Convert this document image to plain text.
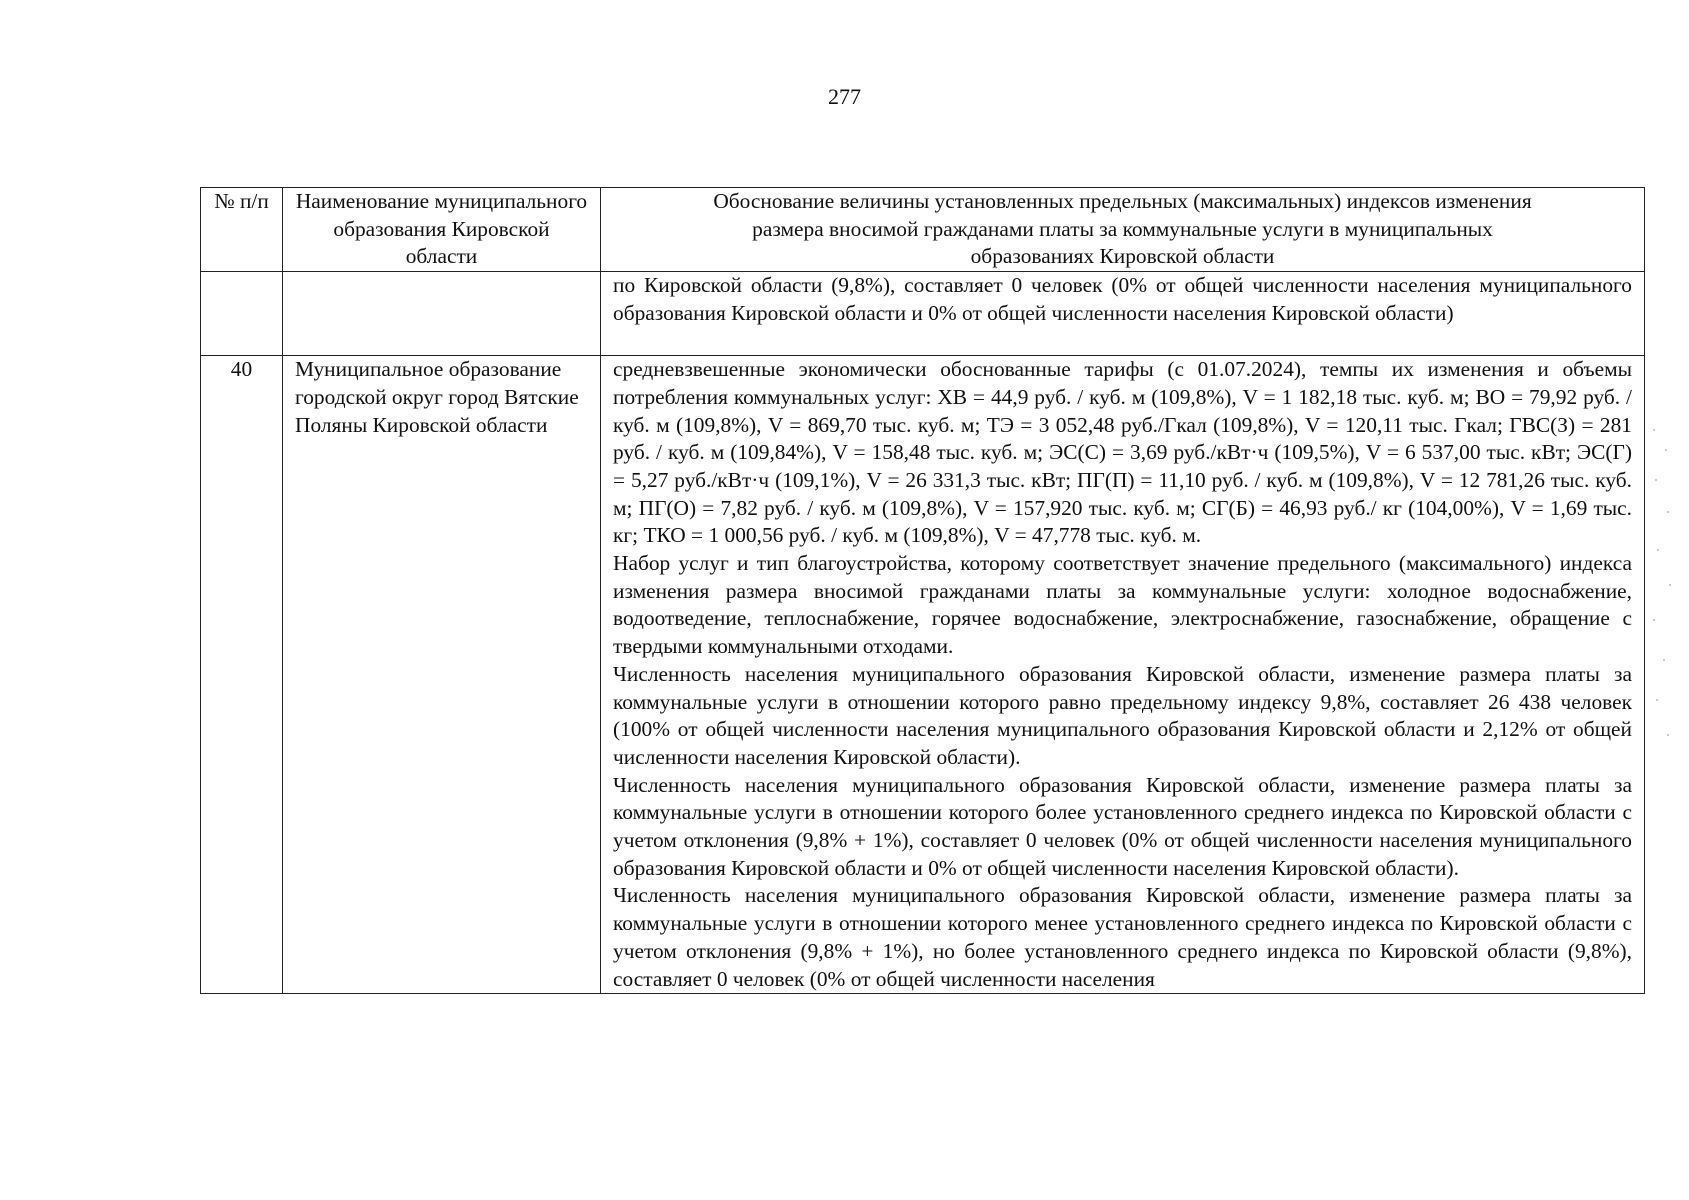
277
№ п/п	Наименование муниципального образования Кировской области	Обоснование величины установленных предельных (максимальных) индексов изменения размера вносимой гражданами платы за коммунальные услуги в муниципальных образованиях Кировской области

		по Кировской области (9,8%), составляет 0 человек (0% от общей численности населения муниципального образования Кировской области и 0% от общей численности населения Кировской области)
40	Муниципальное образование городской округ город Вятские Поляны Кировской области	средневзвешенные экономически обоснованные тарифы (с 01.07.2024), темпы их изменения и объемы потребления коммунальных услуг: ХВ = 44,9 руб. / куб. м (109,8%), V = 1 182,18 тыс. куб. м; ВО = 79,92 руб. / куб. м (109,8%), V = 869,70 тыс. куб. м; ТЭ = 3 052,48 руб./Гкал (109,8%), V = 120,11 тыс. Гкал; ГВС(З) = 281 руб. / куб. м (109,84%), V = 158,48 тыс. куб. м; ЭС(С) = 3,69 руб./кВт·ч (109,5%), V = 6 537,00 тыс. кВт; ЭС(Г) = 5,27 руб./кВт·ч (109,1%), V = 26 331,3 тыс. кВт; ПГ(П) = 11,10 руб. / куб. м (109,8%), V = 12 781,26 тыс. куб. м; ПГ(О) = 7,82 руб. / куб. м (109,8%), V = 157,920 тыс. куб. м; СГ(Б) = 46,93 руб./ кг (104,00%), V = 1,69 тыс. кг; ТКО = 1 000,56 руб. / куб. м (109,8%), V = 47,778 тыс. куб. м.
Набор услуг и тип благоустройства, которому соответствует значение предельного (максимального) индекса изменения размера вносимой гражданами платы за коммунальные услуги: холодное водоснабжение, водоотведение, теплоснабжение, горячее водоснабжение, электроснабжение, газоснабжение, обращение с твердыми коммунальными отходами.
Численность населения муниципального образования Кировской области, изменение размера платы за коммунальные услуги в отношении которого равно предельному индексу 9,8%, составляет 26 438 человек (100% от общей численности населения муниципального образования Кировской области и 2,12% от общей численности населения Кировской области).
Численность населения муниципального образования Кировской области, изменение размера платы за коммунальные услуги в отношении которого более установленного среднего индекса по Кировской области с учетом отклонения (9,8% + 1%), составляет 0 человек (0% от общей численности населения муниципального образования Кировской области и 0% от общей численности населения Кировской области).
Численность населения муниципального образования Кировской области, изменение размера платы за коммунальные услуги в отношении которого менее установленного среднего индекса по Кировской области с учетом отклонения (9,8% + 1%), но более установленного среднего индекса по Кировской области (9,8%), составляет 0 человек (0% от общей численности населения
